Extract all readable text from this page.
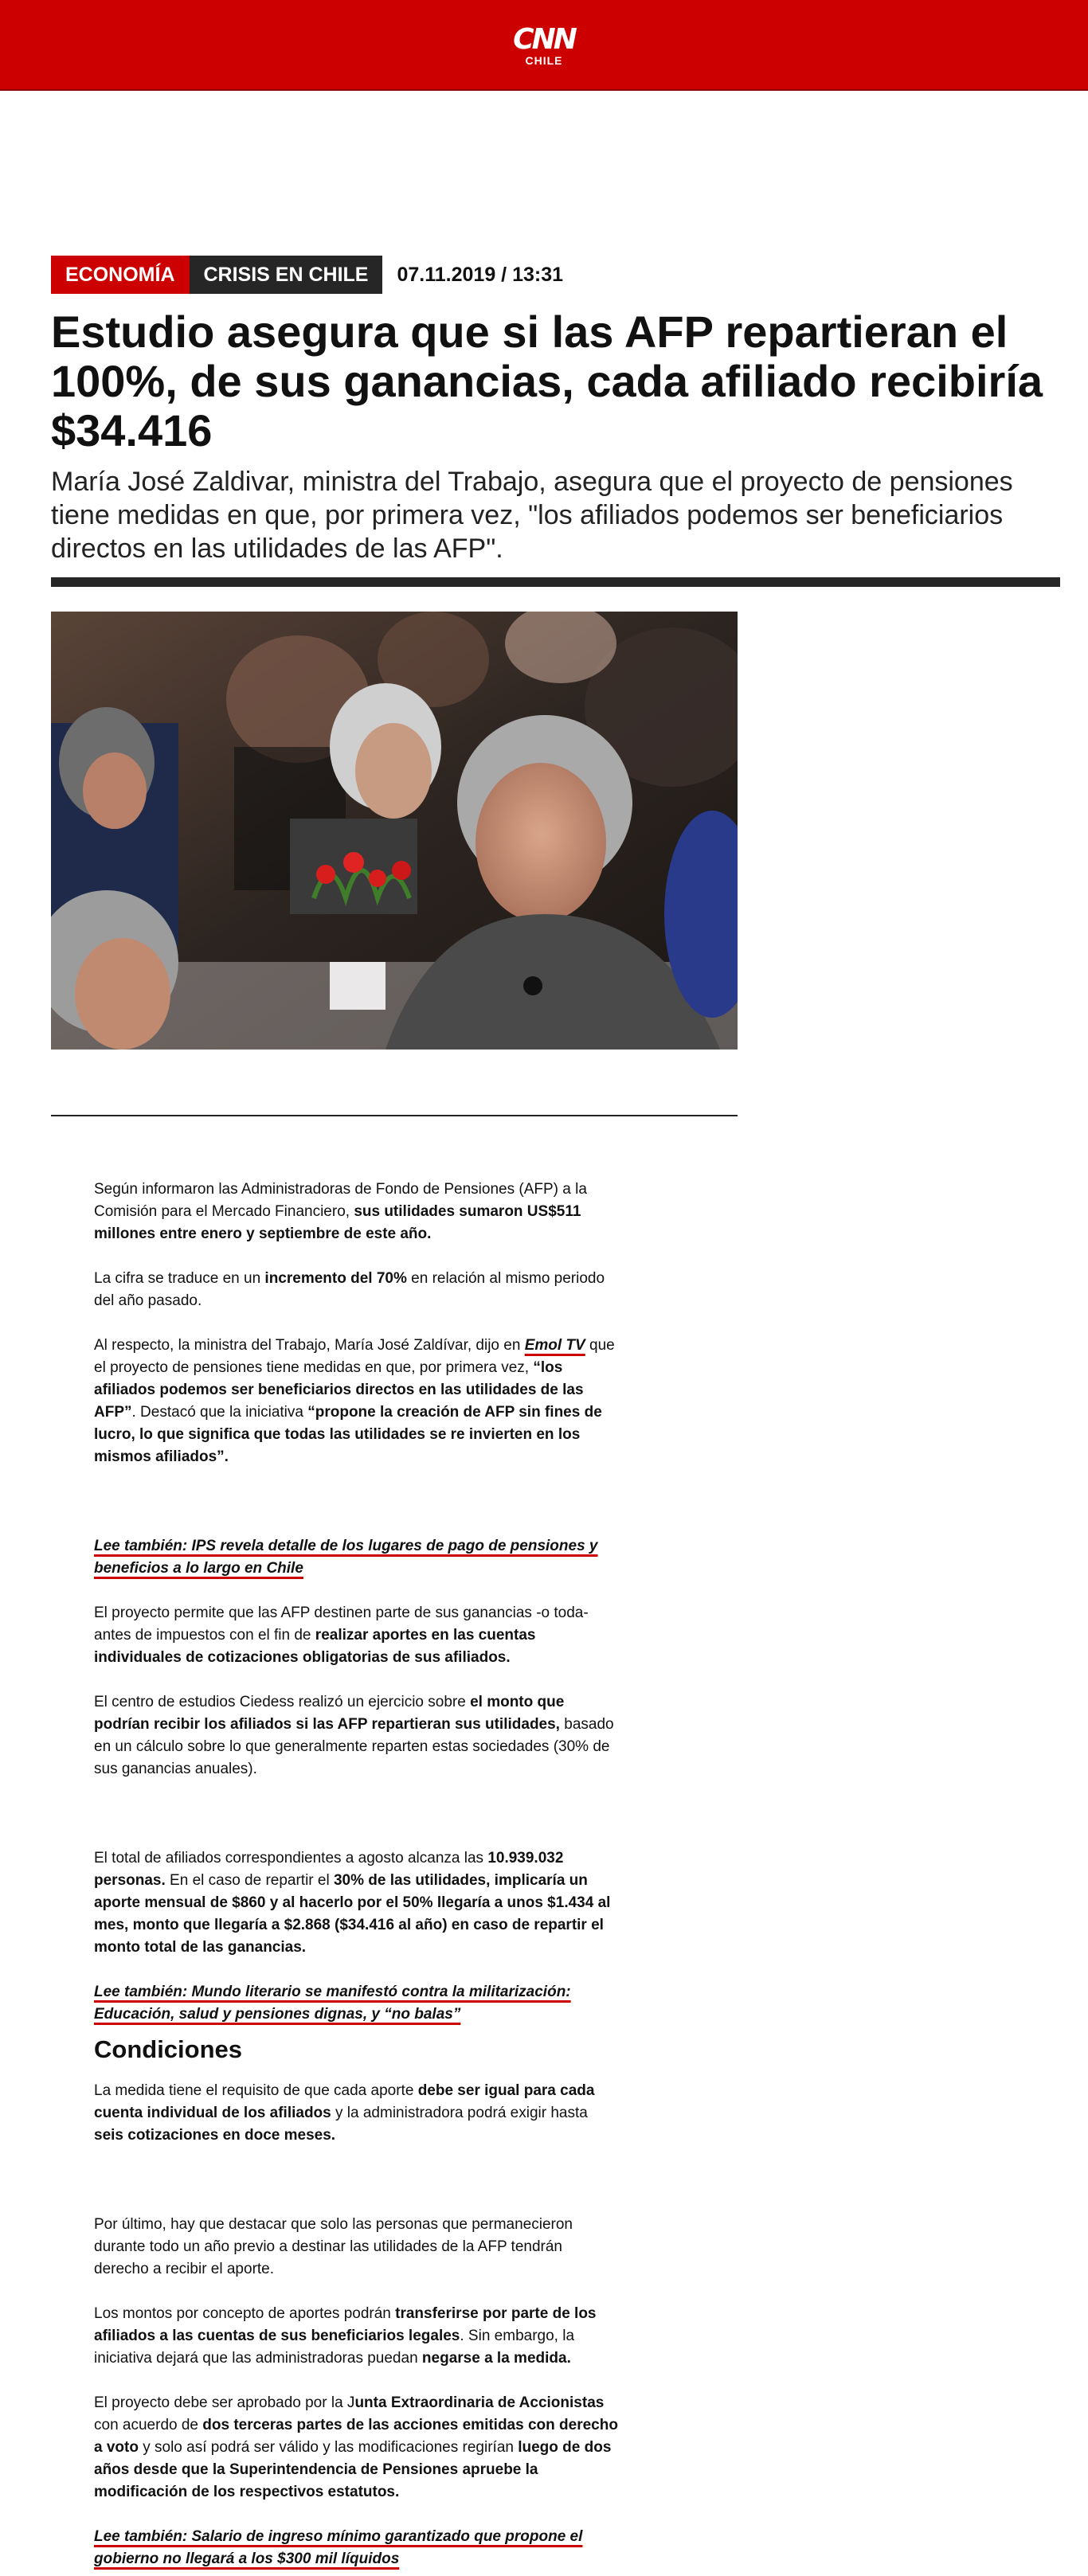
CNN
CHILE
ECONOMÍA	CRISIS EN CHILE	07.11.2019 / 13:31
Estudio asegura que si las AFP repartieran el 100%, de sus ganancias, cada afiliado recibiría $34.416

María José Zaldivar, ministra del Trabajo, asegura que el proyecto de pensiones tiene medidas en que, por primera vez, "los afiliados podemos ser beneficiarios directos en las utilidades de las AFP".

Según informaron las Administradoras de Fondo de Pensiones (AFP) a la Comisión para el Mercado Financiero, sus utilidades sumaron US$511 millones entre enero y septiembre de este año.

La cifra se traduce en un incremento del 70% en relación al mismo periodo del año pasado.

Al respecto, la ministra del Trabajo, María José Zaldívar, dijo en Emol TV que el proyecto de pensiones tiene medidas en que, por primera vez, “los afiliados podemos ser beneficiarios directos en las utilidades de las AFP”. Destacó que la iniciativa “propone la creación de AFP sin fines de lucro, lo que significa que todas las utilidades se re invierten en los mismos afiliados”.

Lee también: IPS revela detalle de los lugares de pago de pensiones y beneficios a lo largo en Chile

El proyecto permite que las AFP destinen parte de sus ganancias -o toda- antes de impuestos con el fin de realizar aportes en las cuentas individuales de cotizaciones obligatorias de sus afiliados.

El centro de estudios Ciedess realizó un ejercicio sobre el monto que podrían recibir los afiliados si las AFP repartieran sus utilidades, basado en un cálculo sobre lo que generalmente reparten estas sociedades (30% de sus ganancias anuales).

El total de afiliados correspondientes a agosto alcanza las 10.939.032 personas. En el caso de repartir el 30% de las utilidades, implicaría un aporte mensual de $860 y al hacerlo por el 50% llegaría a unos $1.434 al mes, monto que llegaría a $2.868 ($34.416 al año) en caso de repartir el monto total de las ganancias.

Lee también: Mundo literario se manifestó contra la militarización: Educación, salud y pensiones dignas, y “no balas”

Condiciones

La medida tiene el requisito de que cada aporte debe ser igual para cada cuenta individual de los afiliados y la administradora podrá exigir hasta seis cotizaciones en doce meses.

Por último, hay que destacar que solo las personas que permanecieron durante todo un año previo a destinar las utilidades de la AFP tendrán derecho a recibir el aporte.

Los montos por concepto de aportes podrán transferirse por parte de los afiliados a las cuentas de sus beneficiarios legales. Sin embargo, la iniciativa dejará que las administradoras puedan negarse a la medida.

El proyecto debe ser aprobado por la Junta Extraordinaria de Accionistas con acuerdo de dos terceras partes de las acciones emitidas con derecho a voto y solo así podrá ser válido y las modificaciones regirían luego de dos años desde que la Superintendencia de Pensiones apruebe la modificación de los respectivos estatutos.

Lee también: Salario de ingreso mínimo garantizado que propone el gobierno no llegará a los $300 mil líquidos
